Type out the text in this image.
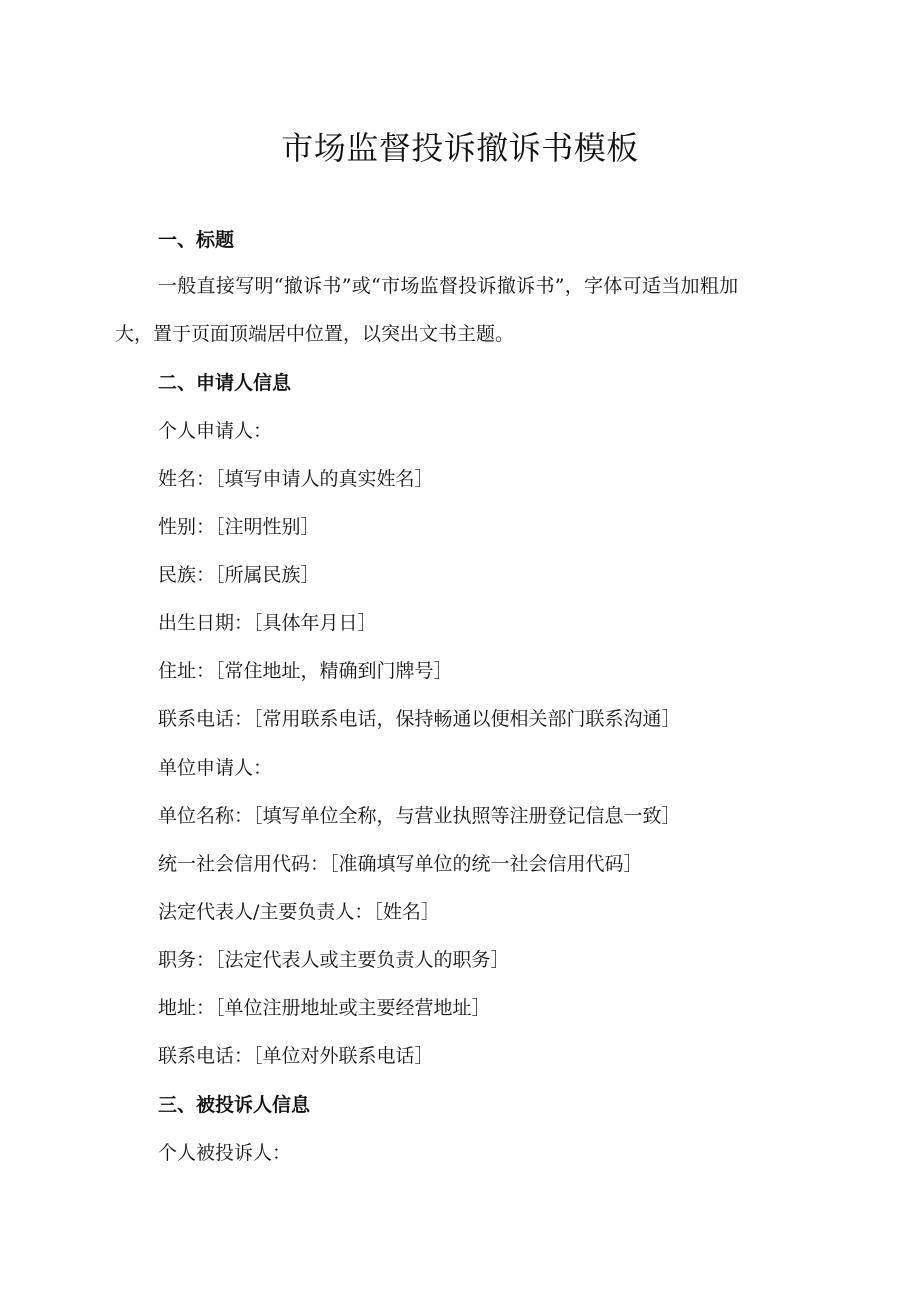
市场监督投诉撤诉书模板

一、标题

一般直接写明“撤诉书”或“市场监督投诉撤诉书”，字体可适当加粗加

大，置于页面顶端居中位置，以突出文书主题。

二、申请人信息

个人申请人：

姓名：［填写申请人的真实姓名］

性别：［注明性别］

民族：［所属民族］

出生日期：［具体年月日］

住址：［常住地址，精确到门牌号］

联系电话：［常用联系电话，保持畅通以便相关部门联系沟通］

单位申请人：

单位名称：［填写单位全称，与营业执照等注册登记信息一致］

统一社会信用代码：［准确填写单位的统一社会信用代码］

法定代表人/主要负责人：［姓名］

职务：［法定代表人或主要负责人的职务］

地址：［单位注册地址或主要经营地址］

联系电话：［单位对外联系电话］

三、被投诉人信息

个人被投诉人：
